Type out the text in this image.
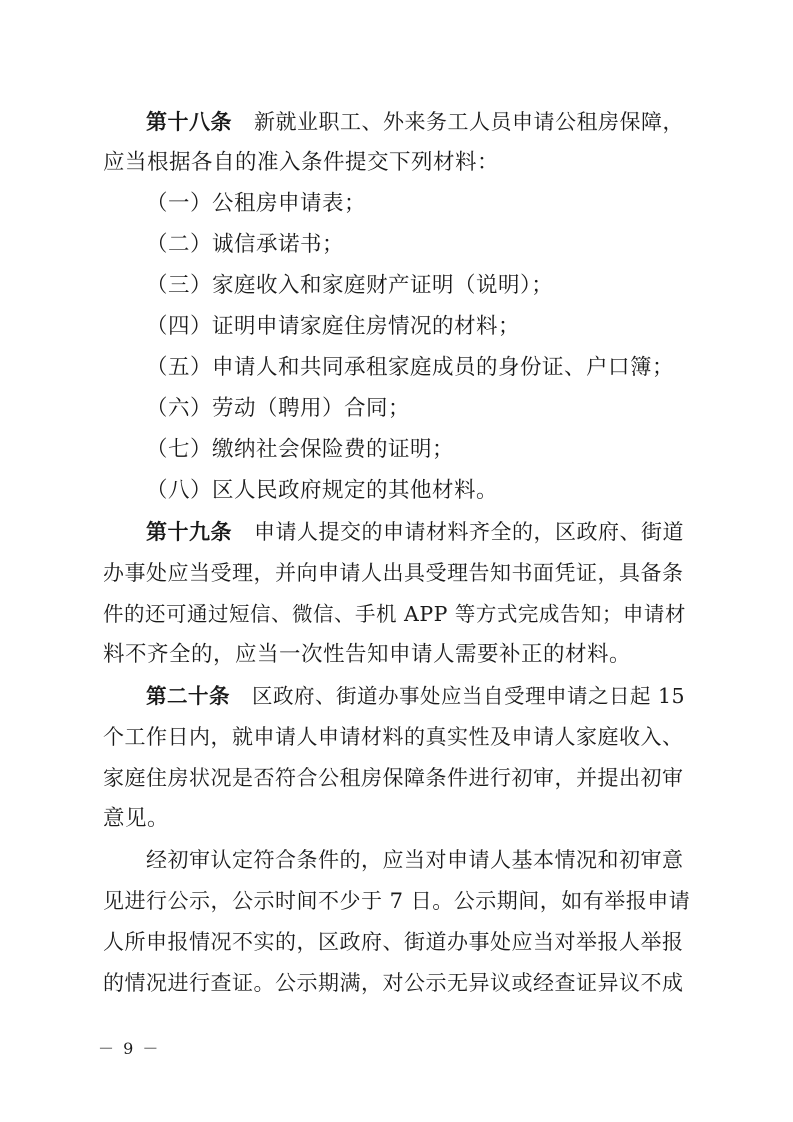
第十八条 新就业职工、外来务工人员申请公租房保障，
应当根据各自的准入条件提交下列材料：
（一）公租房申请表；
（二）诚信承诺书；
（三）家庭收入和家庭财产证明（说明）；
（四）证明申请家庭住房情况的材料；
（五）申请人和共同承租家庭成员的身份证、户口簿；
（六）劳动（聘用）合同；
（七）缴纳社会保险费的证明；
（八）区人民政府规定的其他材料。
第十九条 申请人提交的申请材料齐全的，区政府、街道
办事处应当受理，并向申请人出具受理告知书面凭证，具备条
件的还可通过短信、微信、手机 APP 等方式完成告知；申请材
料不齐全的，应当一次性告知申请人需要补正的材料。
第二十条 区政府、街道办事处应当自受理申请之日起 15
个工作日内，就申请人申请材料的真实性及申请人家庭收入、
家庭住房状况是否符合公租房保障条件进行初审，并提出初审
意见。
经初审认定符合条件的，应当对申请人基本情况和初审意
见进行公示，公示时间不少于 7 日。公示期间，如有举报申请
人所申报情况不实的，区政府、街道办事处应当对举报人举报
的情况进行查证。公示期满，对公示无异议或经查证异议不成
－ 9 －
